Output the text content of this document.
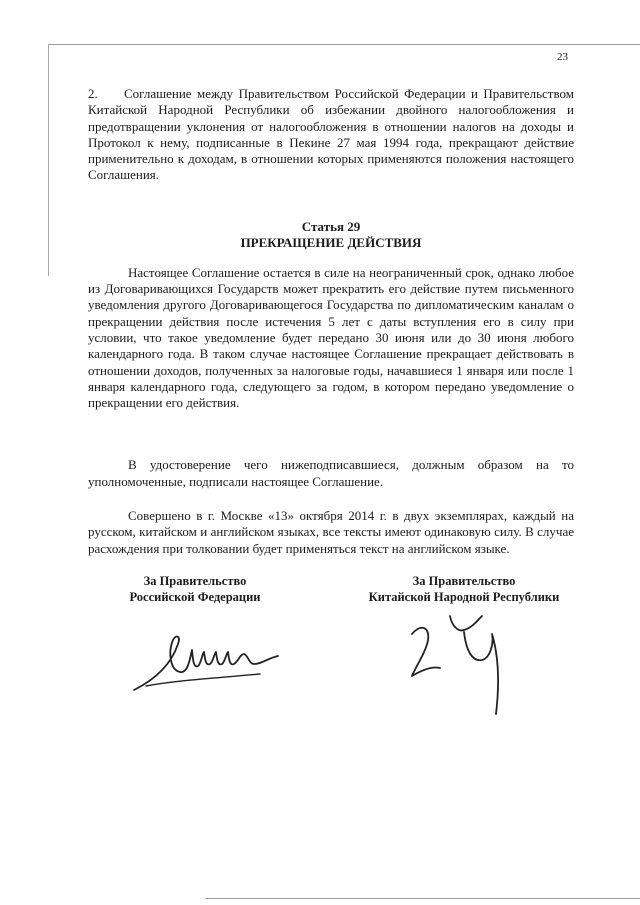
23

2. Соглашение между Правительством Российской Федерации и Правительством Китайской Народной Республики об избежании двойного налогообложения и предотвращении уклонения от налогообложения в отношении налогов на доходы и Протокол к нему, подписанные в Пекине 27 мая 1994 года, прекращают действие применительно к доходам, в отношении которых применяются положения настоящего Соглашения.

Статья 29
ПРЕКРАЩЕНИЕ ДЕЙСТВИЯ

Настоящее Соглашение остается в силе на неограниченный срок, однако любое из Договаривающихся Государств может прекратить его действие путем письменного уведомления другого Договаривающегося Государства по дипломатическим каналам о прекращении действия после истечения 5 лет с даты вступления его в силу при условии, что такое уведомление будет передано 30 июня или до 30 июня любого календарного года. В таком случае настоящее Соглашение прекращает действовать в отношении доходов, полученных за налоговые годы, начавшиеся 1 января или после 1 января календарного года, следующего за годом, в котором передано уведомление о прекращении его действия.

В удостоверение чего нижеподписавшиеся, должным образом на то уполномоченные, подписали настоящее Соглашение.

Совершено в г. Москве «13» октября 2014 г. в двух экземплярах, каждый на русском, китайском и английском языках, все тексты имеют одинаковую силу. В случае расхождения при толковании будет применяться текст на английском языке.

За Правительство
Российской Федерации
За Правительство
Китайской Народной Республики
